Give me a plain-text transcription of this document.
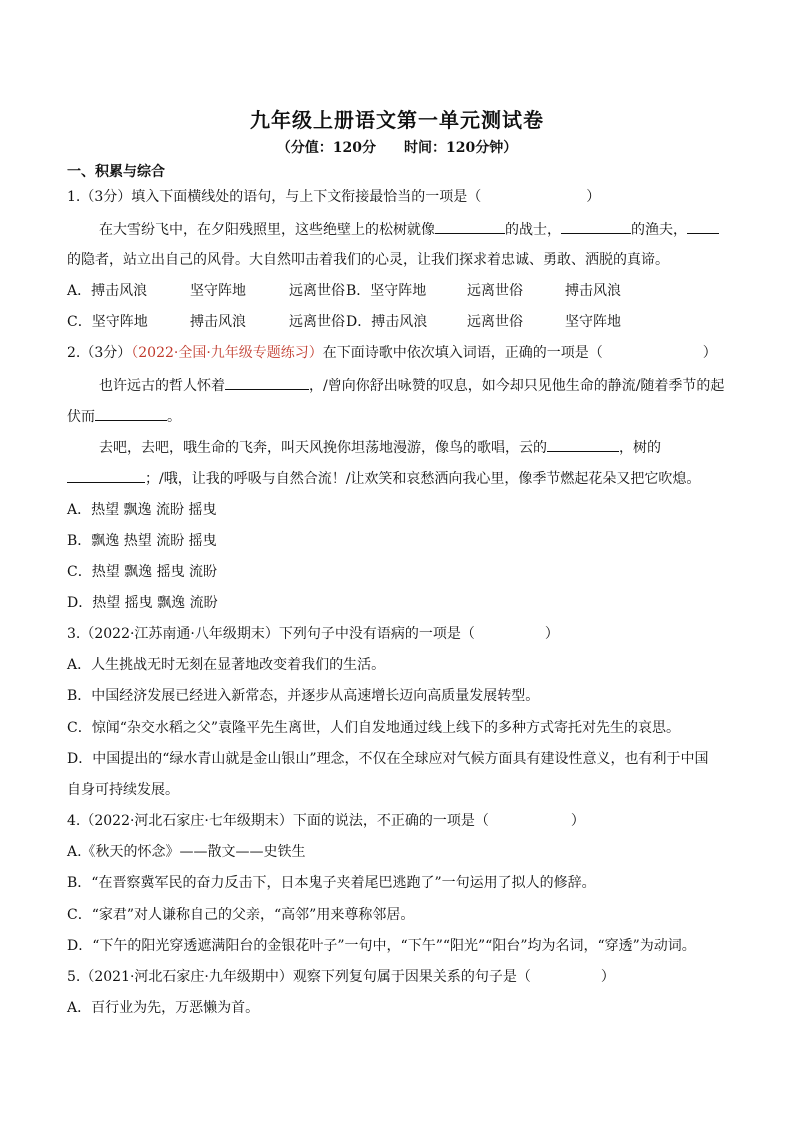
九年级上册语文第一单元测试卷
（分值：120分 时间：120分钟）
一、积累与综合
1.（3分）填入下面横线处的语句，与上下文衔接最恰当的一项是（	）
在大雪纷飞中，在夕阳残照里，这些绝壁上的松树就像	的战士，	的渔夫，
的隐者，站立出自己的风骨。大自然叩击着我们的心灵，让我们探求着忠诚、勇敢、洒脱的真谛。
A．搏击风浪	坚守阵地	远离世俗 B．坚守阵地	远离世俗	搏击风浪
C．坚守阵地	搏击风浪	远离世俗 D．搏击风浪	远离世俗	坚守阵地
2.（3分）（2022·全国·九年级专题练习）在下面诗歌中依次填入词语，正确的一项是（	）
也许远古的哲人怀着	，/曾向你舒出咏赞的叹息，如今却只见他生命的静流/随着季节的起
伏而	。
去吧，去吧，哦生命的飞奔，叫天风挽你坦荡地漫游，像鸟的歌唱，云的	，树的
；/哦，让我的呼吸与自然合流！/让欢笑和哀愁洒向我心里，像季节燃起花朵又把它吹熄。
A．热望 飘逸 流盼 摇曳
B．飘逸 热望 流盼 摇曳
C．热望 飘逸 摇曳 流盼
D．热望 摇曳 飘逸 流盼
3.（2022·江苏南通·八年级期末）下列句子中没有语病的一项是（	）
A．人生挑战无时无刻在显著地改变着我们的生活。
B．中国经济发展已经进入新常态，并逐步从高速增长迈向高质量发展转型。
C．惊闻“杂交水稻之父”袁隆平先生离世，人们自发地通过线上线下的多种方式寄托对先生的哀思。
D．中国提出的“绿水青山就是金山银山”理念，不仅在全球应对气候方面具有建设性意义，也有利于中国
自身可持续发展。
4.（2022·河北石家庄·七年级期末）下面的说法，不正确的一项是（	）
A.《秋天的怀念》——散文——史铁生
B．“在晋察冀军民的奋力反击下，日本鬼子夹着尾巴逃跑了”一句运用了拟人的修辞。
C．“家君”对人谦称自己的父亲，“高邻”用来尊称邻居。
D．“下午的阳光穿透遮满阳台的金银花叶子”一句中，“下午”“阳光”“阳台”均为名词，“穿透”为动词。
5.（2021·河北石家庄·九年级期中）观察下列复句属于因果关系的句子是（	）
A．百行业为先，万恶懒为首。
